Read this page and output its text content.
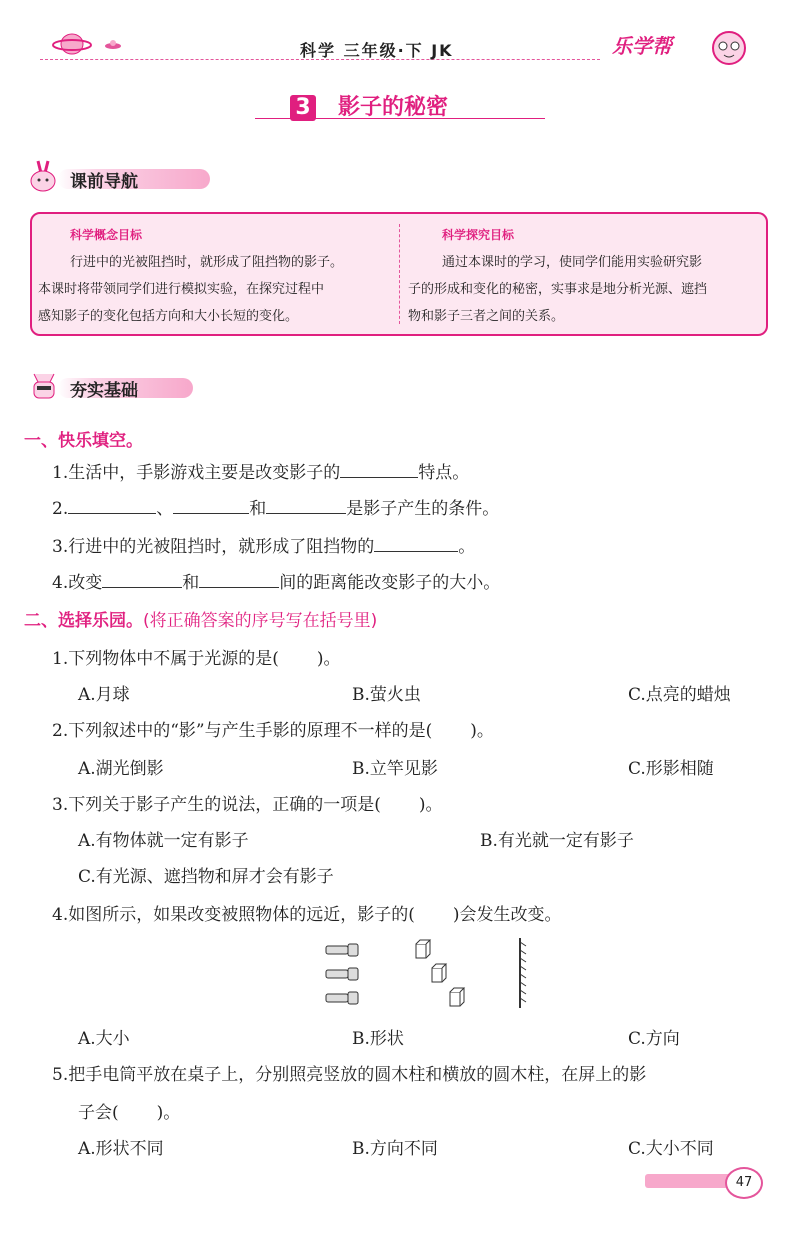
科学 三年级·下 JK	乐学帮
3 影子的秘密
课前导航
科学概念目标
行进中的光被阻挡时，就形成了阻挡物的影子。
本课时将带领同学们进行模拟实验，在探究过程中
感知影子的变化包括方向和大小长短的变化。
科学探究目标
通过本课时的学习，使同学们能用实验研究影
子的形成和变化的秘密，实事求是地分析光源、遮挡
物和影子三者之间的关系。
夯实基础
一、快乐填空。
1.生活中，手影游戏主要是改变影子的	特点。
2.	、	和	是影子产生的条件。
3.行进中的光被阻挡时，就形成了阻挡物的	。
4.改变	和	间的距离能改变影子的大小。
二、选择乐园。(将正确答案的序号写在括号里)
1.下列物体中不属于光源的是( )。
A.月球	B.萤火虫	C.点亮的蜡烛
2.下列叙述中的“影”与产生手影的原理不一样的是( )。
A.湖光倒影	B.立竿见影	C.形影相随
3.下列关于影子产生的说法，正确的一项是( )。
A.有物体就一定有影子	B.有光就一定有影子
C.有光源、遮挡物和屏才会有影子
4.如图所示，如果改变被照物体的远近，影子的( )会发生改变。
A.大小	B.形状	C.方向
5.把手电筒平放在桌子上，分别照亮竖放的圆木柱和横放的圆木柱，在屏上的影
子会( )。
A.形状不同	B.方向不同	C.大小不同
47
